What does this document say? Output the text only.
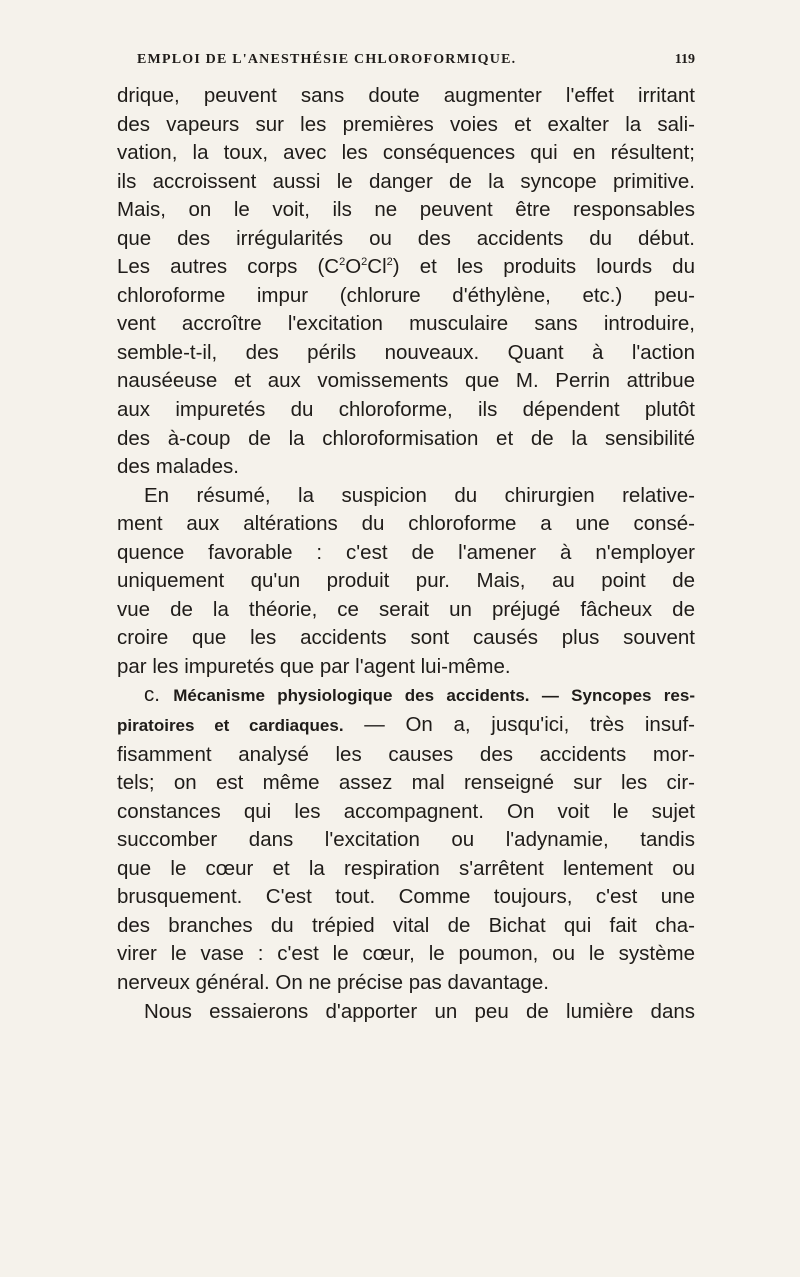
EMPLOI DE L'ANESTHÉSIE CHLOROFORMIQUE.	119

drique, peuvent sans doute augmenter l'effet irritant

des vapeurs sur les premières voies et exalter la sali-

vation, la toux, avec les conséquences qui en résultent;

ils accroissent aussi le danger de la syncope primitive.

Mais, on le voit, ils ne peuvent être responsables

que des irrégularités ou des accidents du début.

Les autres corps $(C^2O^2Cl^2)$ et les produits lourds du

chloroforme impur (chlorure d'éthylène, etc.) peu-

vent accroître l'excitation musculaire sans introduire,

semble-t-il, des périls nouveaux. Quant à l'action

nauséeuse et aux vomissements que M. Perrin attribue

aux impuretés du chloroforme, ils dépendent plutôt

des à-coup de la chloroformisation et de la sensibilité

des malades.

En résumé, la suspicion du chirurgien relative-

ment aux altérations du chloroforme a une consé-

quence favorable : c'est de l'amener à n'employer

uniquement qu'un produit pur. Mais, au point de

vue de la théorie, ce serait un préjugé fâcheux de

croire que les accidents sont causés plus souvent

par les impuretés que par l'agent lui-même.

c. Mécanisme physiologique des accidents. — Syncopes res-

piratoires et cardiaques. — On a, jusqu'ici, très insuf-

fisamment analysé les causes des accidents mor-

tels; on est même assez mal renseigné sur les cir-

constances qui les accompagnent. On voit le sujet

succomber dans l'excitation ou l'adynamie, tandis

que le cœur et la respiration s'arrêtent lentement ou

brusquement. C'est tout. Comme toujours, c'est une

des branches du trépied vital de Bichat qui fait cha-

virer le vase : c'est le cœur, le poumon, ou le système

nerveux général. On ne précise pas davantage.

Nous essaierons d'apporter un peu de lumière dans
